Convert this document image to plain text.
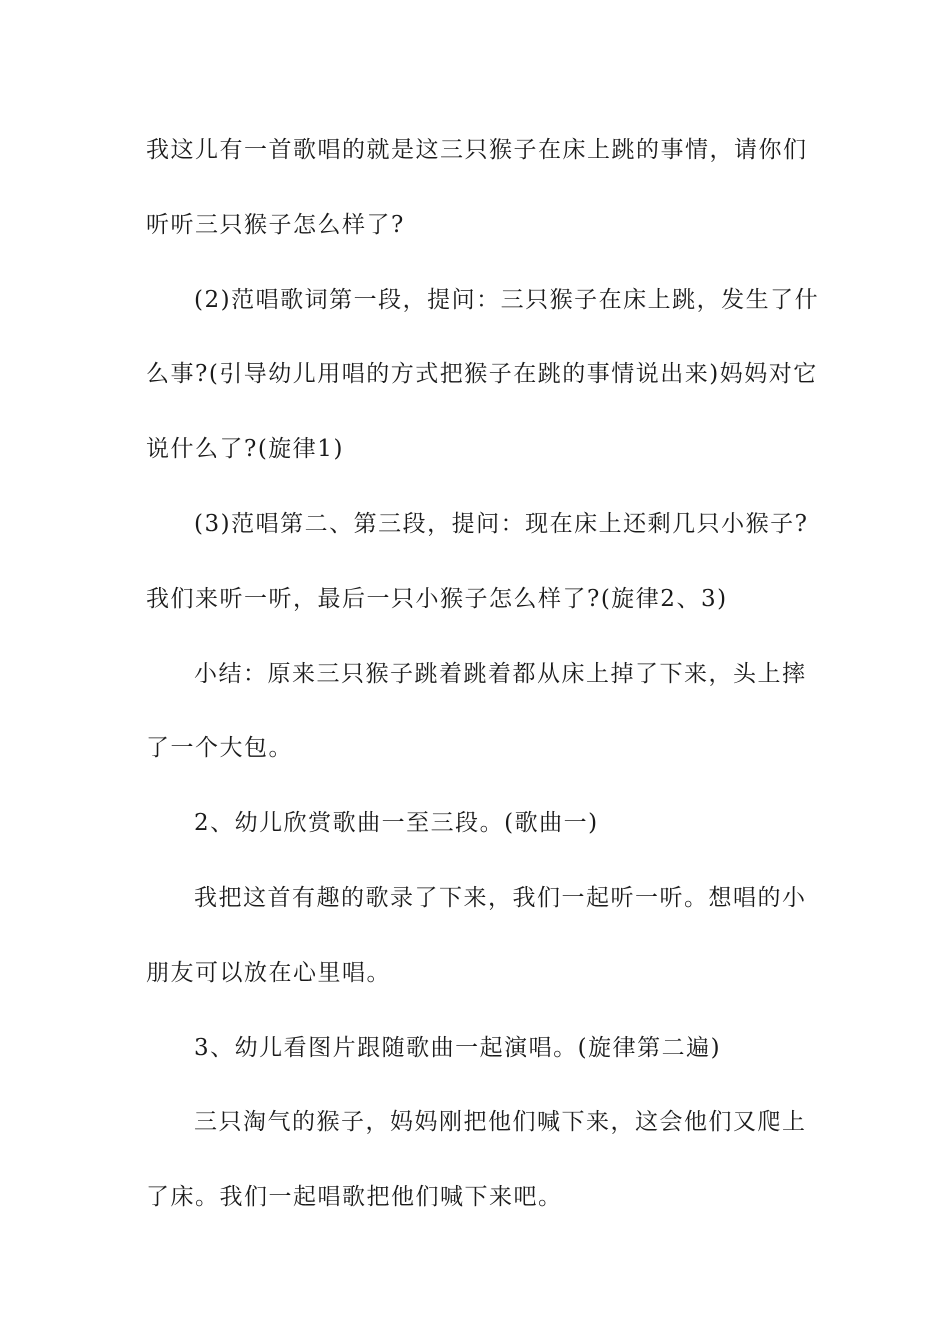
我这儿有一首歌唱的就是这三只猴子在床上跳的事情，请你们
听听三只猴子怎么样了?
(2)范唱歌词第一段，提问：三只猴子在床上跳，发生了什
么事?(引导幼儿用唱的方式把猴子在跳的事情说出来)妈妈对它
说什么了?(旋律1)
(3)范唱第二、第三段，提问：现在床上还剩几只小猴子?
我们来听一听，最后一只小猴子怎么样了?(旋律2、3)
小结：原来三只猴子跳着跳着都从床上掉了下来，头上摔
了一个大包。
2、幼儿欣赏歌曲一至三段。(歌曲一)
我把这首有趣的歌录了下来，我们一起听一听。想唱的小
朋友可以放在心里唱。
3、幼儿看图片跟随歌曲一起演唱。(旋律第二遍)
三只淘气的猴子，妈妈刚把他们喊下来，这会他们又爬上
了床。我们一起唱歌把他们喊下来吧。
